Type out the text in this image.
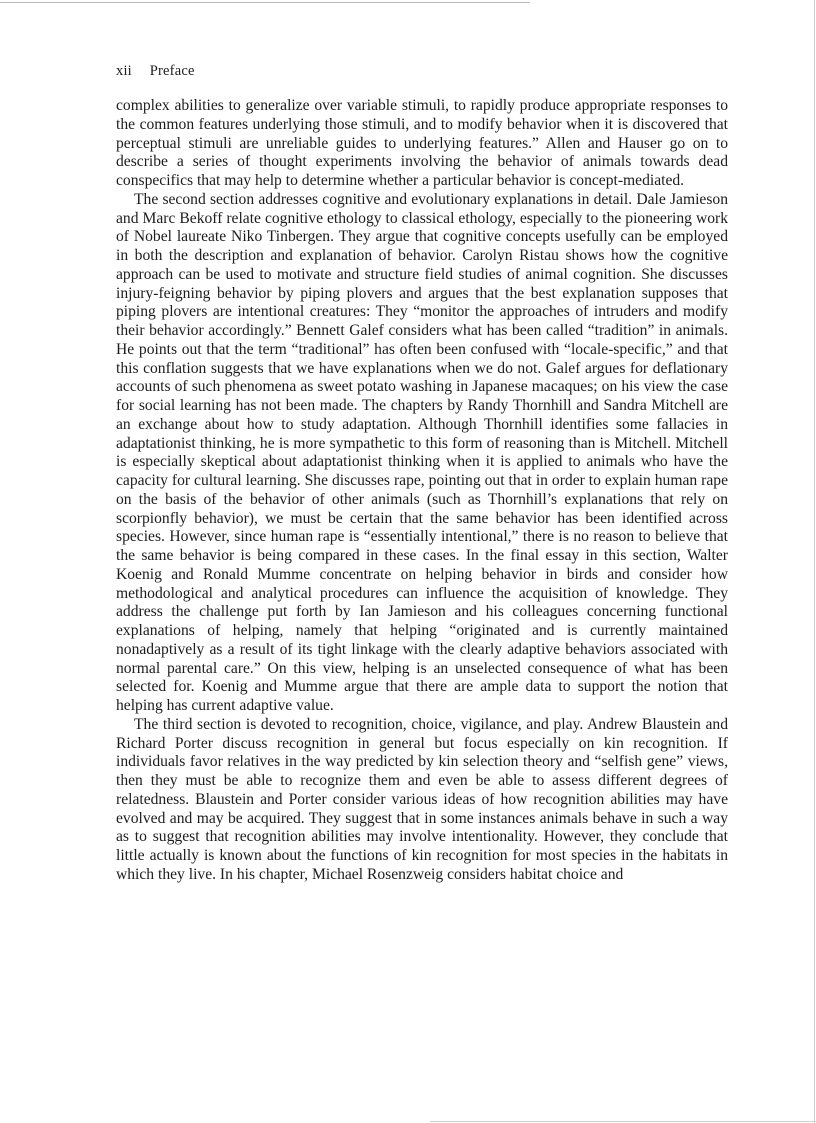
xii Preface

complex abilities to generalize over variable stimuli, to rapidly produce appropriate responses to the common features underlying those stimuli, and to modify behavior when it is discovered that perceptual stimuli are unreliable guides to underlying features.” Allen and Hauser go on to describe a series of thought experiments involving the behavior of animals towards dead conspecifics that may help to determine whether a particular behavior is concept-mediated.

The second section addresses cognitive and evolutionary explanations in detail. Dale Jamieson and Marc Bekoff relate cognitive ethology to classical ethology, especially to the pioneering work of Nobel laureate Niko Tinbergen. They argue that cognitive concepts usefully can be employed in both the description and explanation of behavior. Carolyn Ristau shows how the cognitive approach can be used to motivate and structure field studies of animal cognition. She discusses injury-feigning behavior by piping plovers and argues that the best explanation supposes that piping plovers are intentional creatures: They “monitor the approaches of intruders and modify their behavior accordingly.” Bennett Galef considers what has been called “tradition” in animals. He points out that the term “traditional” has often been confused with “locale-specific,” and that this conflation suggests that we have explanations when we do not. Galef argues for deflationary accounts of such phenomena as sweet potato washing in Japanese macaques; on his view the case for social learning has not been made. The chapters by Randy Thornhill and Sandra Mitchell are an exchange about how to study adaptation. Although Thornhill identifies some fallacies in adaptationist thinking, he is more sympathetic to this form of reasoning than is Mitchell. Mitchell is especially skeptical about adaptationist thinking when it is applied to animals who have the capacity for cultural learning. She discusses rape, pointing out that in order to explain human rape on the basis of the behavior of other animals (such as Thornhill’s explanations that rely on scorpionfly behavior), we must be certain that the same behavior has been identified across species. However, since human rape is “essentially intentional,” there is no reason to believe that the same behavior is being compared in these cases. In the final essay in this section, Walter Koenig and Ronald Mumme concentrate on helping behavior in birds and consider how methodological and analytical procedures can influence the acquisition of knowledge. They address the challenge put forth by Ian Jamieson and his colleagues concerning functional explanations of helping, namely that helping “originated and is currently maintained nonadaptively as a result of its tight linkage with the clearly adaptive behaviors associated with normal parental care.” On this view, helping is an unselected consequence of what has been selected for. Koenig and Mumme argue that there are ample data to support the notion that helping has current adaptive value.

The third section is devoted to recognition, choice, vigilance, and play. Andrew Blaustein and Richard Porter discuss recognition in general but focus especially on kin recognition. If individuals favor relatives in the way predicted by kin selection theory and “selfish gene” views, then they must be able to recognize them and even be able to assess different degrees of relatedness. Blaustein and Porter consider various ideas of how recognition abilities may have evolved and may be acquired. They suggest that in some instances animals behave in such a way as to suggest that recognition abilities may involve intentionality. However, they conclude that little actually is known about the functions of kin recognition for most species in the habitats in which they live. In his chapter, Michael Rosenzweig considers habitat choice and
